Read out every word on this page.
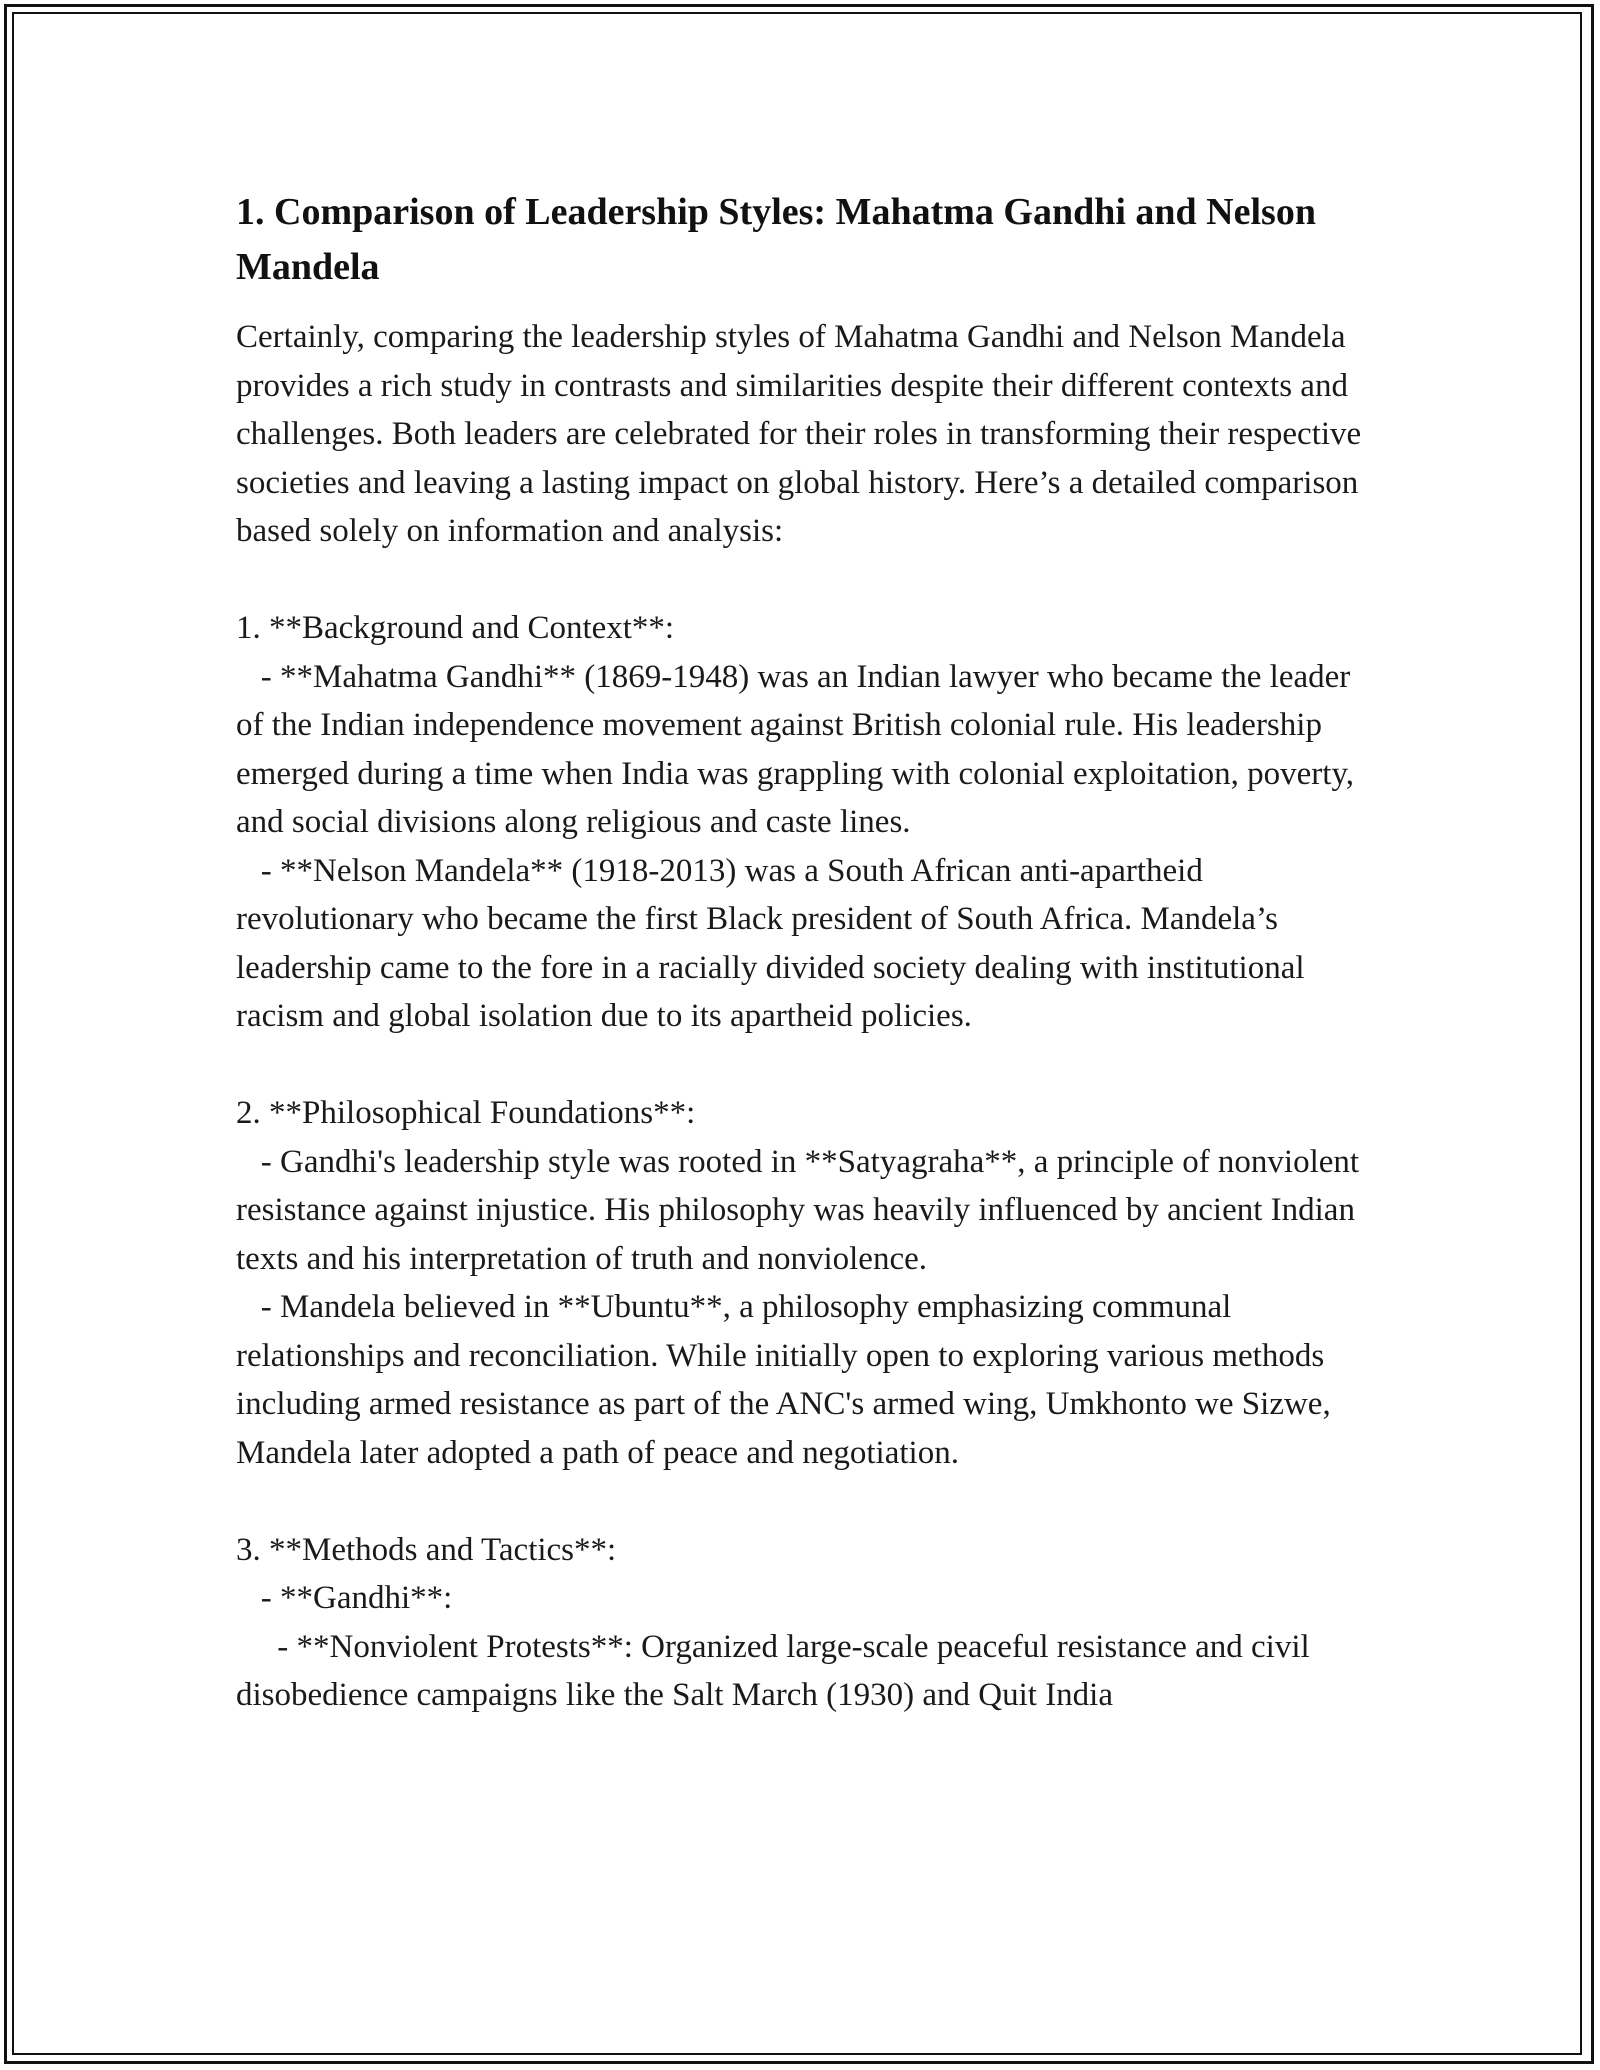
1. Comparison of Leadership Styles: Mahatma Gandhi and Nelson Mandela

Certainly, comparing the leadership styles of Mahatma Gandhi and Nelson Mandela provides a rich study in contrasts and similarities despite their different contexts and challenges. Both leaders are celebrated for their roles in transforming their respective societies and leaving a lasting impact on global history. Here’s a detailed comparison based solely on information and analysis:

1. **Background and Context**:
- **Mahatma Gandhi** (1869-1948) was an Indian lawyer who became the leader of the Indian independence movement against British colonial rule. His leadership emerged during a time when India was grappling with colonial exploitation, poverty, and social divisions along religious and caste lines.
- **Nelson Mandela** (1918-2013) was a South African anti-apartheid revolutionary who became the first Black president of South Africa. Mandela’s leadership came to the fore in a racially divided society dealing with institutional racism and global isolation due to its apartheid policies.
2. **Philosophical Foundations**:
- Gandhi's leadership style was rooted in **Satyagraha**, a principle of nonviolent resistance against injustice. His philosophy was heavily influenced by ancient Indian texts and his interpretation of truth and nonviolence.
- Mandela believed in **Ubuntu**, a philosophy emphasizing communal relationships and reconciliation. While initially open to exploring various methods including armed resistance as part of the ANC's armed wing, Umkhonto we Sizwe, Mandela later adopted a path of peace and negotiation.
3. **Methods and Tactics**:
- **Gandhi**:
- **Nonviolent Protests**: Organized large-scale peaceful resistance and civil disobedience campaigns like the Salt March (1930) and Quit India
